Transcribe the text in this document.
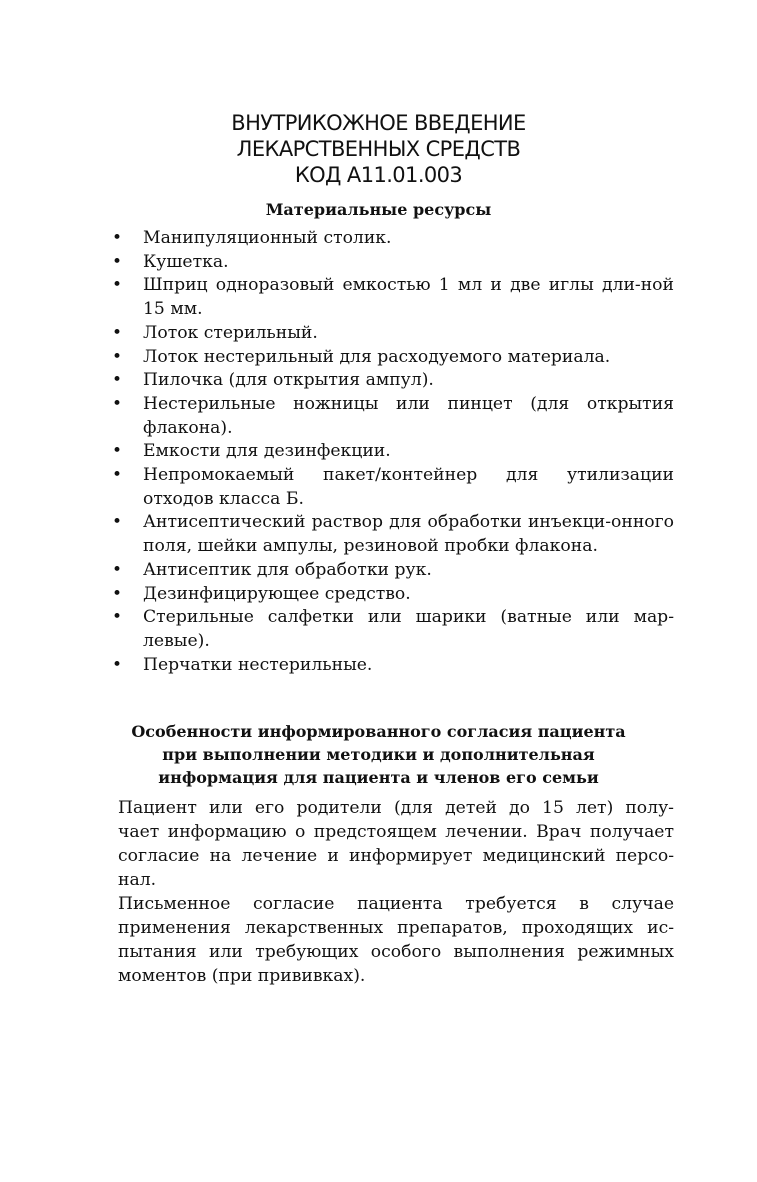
ВНУТРИКОЖНОЕ ВВЕДЕНИЕ
ЛЕКАРСТВЕННЫХ СРЕДСТВ
КОД А11.01.003
Материальные ресурсы
• Манипуляционный столик.
• Кушетка.
• Шприц одноразовый емкостью 1 мл и две иглы дли-ной 15 мм.
• Лоток стерильный.
• Лоток нестерильный для расходуемого материала.
• Пилочка (для открытия ампул).
• Нестерильные ножницы или пинцет (для открытия флакона).
• Емкости для дезинфекции.
• Непромокаемый пакет/контейнер для утилизации отходов класса Б.
• Антисептический раствор для обработки инъекци-онного поля, шейки ампулы, резиновой пробки флакона.
• Антисептик для обработки рук.
• Дезинфицирующее средство.
• Стерильные салфетки или шарики (ватные или мар-левые).
• Перчатки нестерильные.
Особенности информированного согласия пациента
при выполнении методики и дополнительная
информация для пациента и членов его семьи
Пациент или его родители (для детей до 15 лет) полу-
чает информацию о предстоящем лечении. Врач получает
согласие на лечение и информирует медицинский персо-
нал.
Письменное согласие пациента требуется в случае
применения лекарственных препаратов, проходящих ис-
пытания или требующих особого выполнения режимных
моментов (при прививках).
